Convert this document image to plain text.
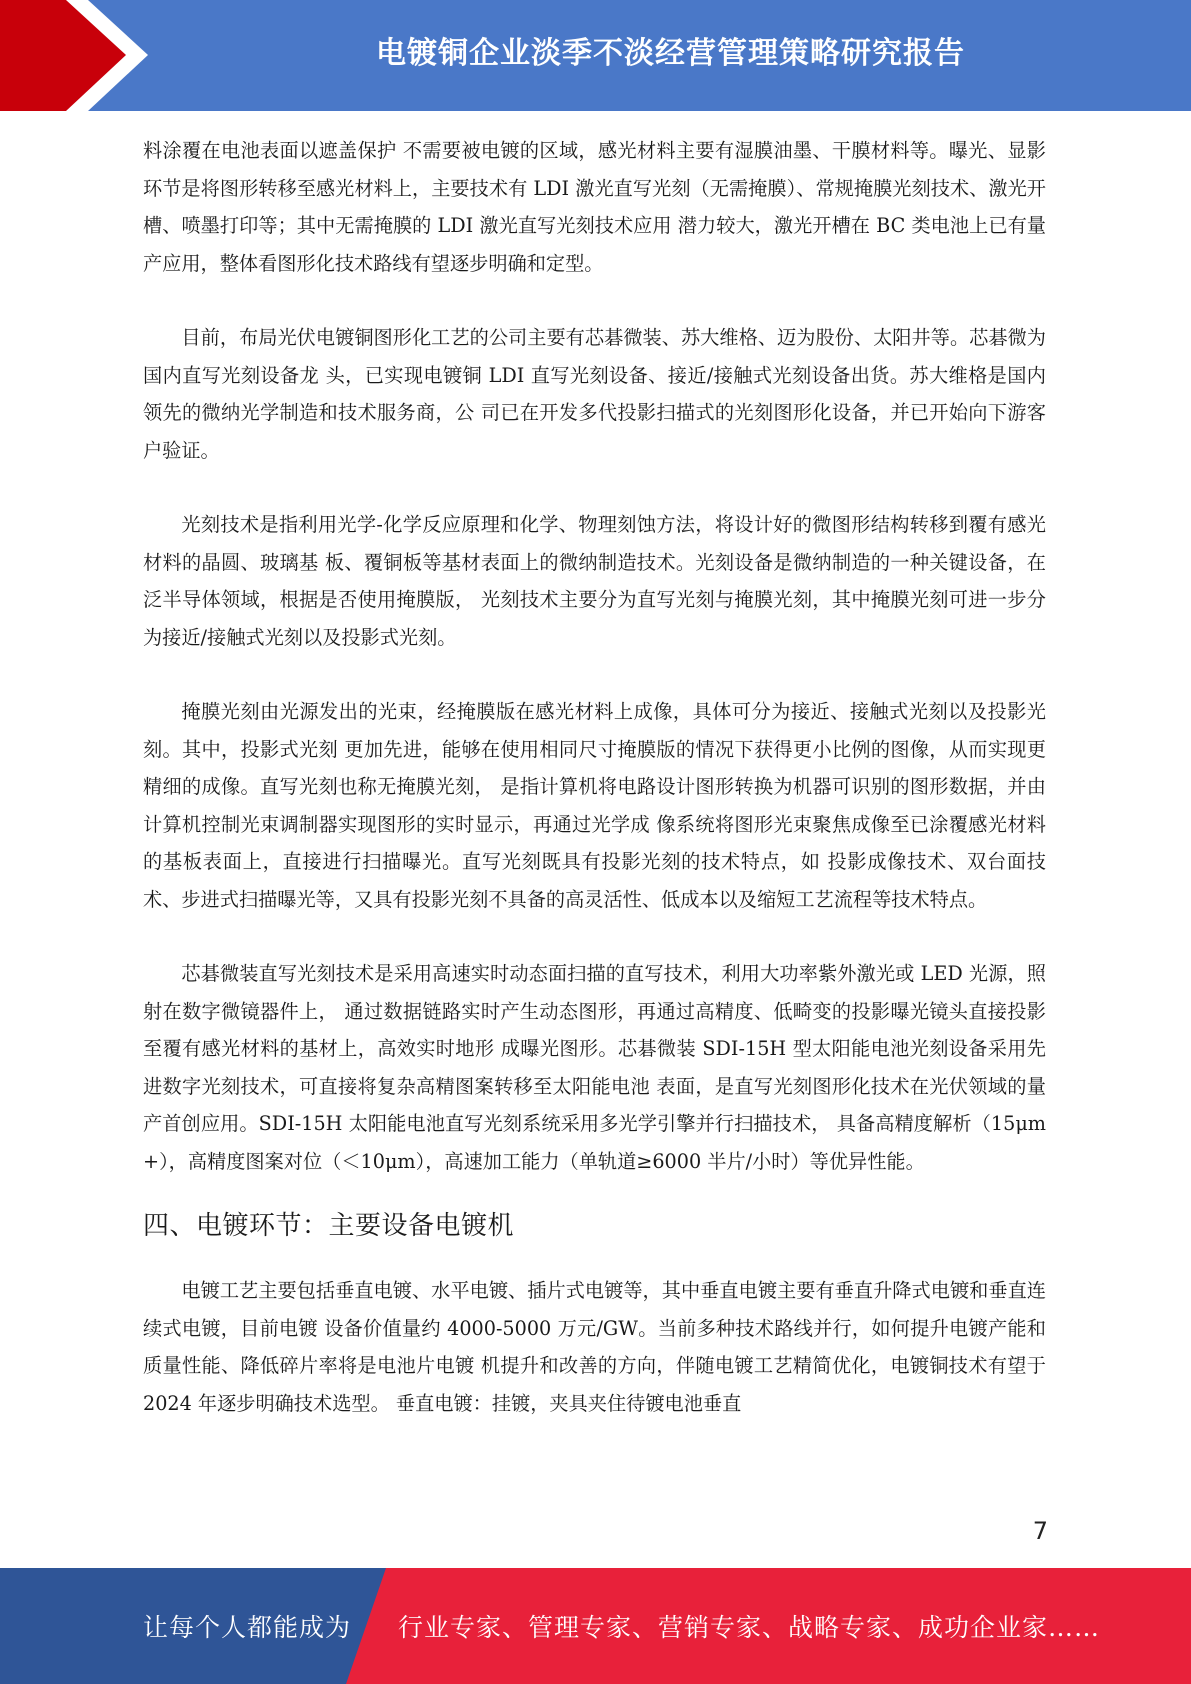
电镀铜企业淡季不淡经营管理策略研究报告

料涂覆在电池表面以遮盖保护 不需要被电镀的区域，感光材料主要有湿膜油墨、干膜材料等。曝光、显影环节是将图形转移至感光材料上，主要技术有 LDI 激光直写光刻（无需掩膜）、常规掩膜光刻技术、激光开槽、喷墨打印等；其中无需掩膜的 LDI 激光直写光刻技术应用 潜力较大，激光开槽在 BC 类电池上已有量产应用，整体看图形化技术路线有望逐步明确和定型。

目前，布局光伏电镀铜图形化工艺的公司主要有芯碁微装、苏大维格、迈为股份、太阳井等。芯碁微为国内直写光刻设备龙 头，已实现电镀铜 LDI 直写光刻设备、接近/接触式光刻设备出货。苏大维格是国内领先的微纳光学制造和技术服务商，公 司已在开发多代投影扫描式的光刻图形化设备，并已开始向下游客户验证。

光刻技术是指利用光学-化学反应原理和化学、物理刻蚀方法，将设计好的微图形结构转移到覆有感光材料的晶圆、玻璃基 板、覆铜板等基材表面上的微纳制造技术。光刻设备是微纳制造的一种关键设备，在泛半导体领域，根据是否使用掩膜版， 光刻技术主要分为直写光刻与掩膜光刻，其中掩膜光刻可进一步分为接近/接触式光刻以及投影式光刻。

掩膜光刻由光源发出的光束，经掩膜版在感光材料上成像，具体可分为接近、接触式光刻以及投影光刻。其中，投影式光刻 更加先进，能够在使用相同尺寸掩膜版的情况下获得更小比例的图像，从而实现更精细的成像。直写光刻也称无掩膜光刻， 是指计算机将电路设计图形转换为机器可识别的图形数据，并由计算机控制光束调制器实现图形的实时显示，再通过光学成 像系统将图形光束聚焦成像至已涂覆感光材料的基板表面上，直接进行扫描曝光。直写光刻既具有投影光刻的技术特点，如 投影成像技术、双台面技术、步进式扫描曝光等，又具有投影光刻不具备的高灵活性、低成本以及缩短工艺流程等技术特点。

芯碁微装直写光刻技术是采用高速实时动态面扫描的直写技术，利用大功率紫外激光或 LED 光源，照射在数字微镜器件上， 通过数据链路实时产生动态图形，再通过高精度、低畸变的投影曝光镜头直接投影至覆有感光材料的基材上，高效实时地形 成曝光图形。芯碁微装 SDI-15H 型太阳能电池光刻设备采用先进数字光刻技术，可直接将复杂高精图案转移至太阳能电池 表面，是直写光刻图形化技术在光伏领域的量产首创应用。SDI-15H 太阳能电池直写光刻系统采用多光学引擎并行扫描技术， 具备高精度解析（15μm+），高精度图案对位（＜10μm），高速加工能力（单轨道≥6000 半片/小时）等优异性能。

四、电镀环节：主要设备电镀机

电镀工艺主要包括垂直电镀、水平电镀、插片式电镀等，其中垂直电镀主要有垂直升降式电镀和垂直连续式电镀，目前电镀 设备价值量约 4000-5000 万元/GW。当前多种技术路线并行，如何提升电镀产能和质量性能、降低碎片率将是电池片电镀 机提升和改善的方向，伴随电镀工艺精简优化，电镀铜技术有望于 2024 年逐步明确技术选型。 垂直电镀：挂镀，夹具夹住待镀电池垂直

7
让每个人都能成为 行业专家、管理专家、营销专家、战略专家、成功企业家……
